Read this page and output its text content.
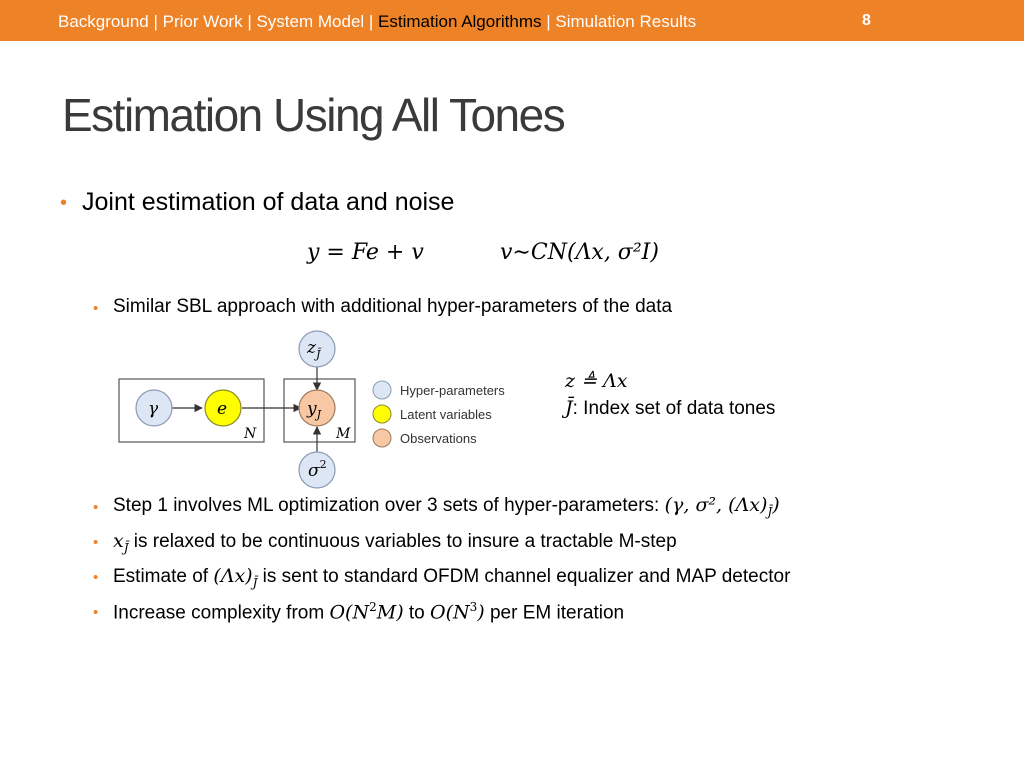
Background | Prior Work | System Model | Estimation Algorithms | Simulation Results	8
Estimation Using All Tones
• Joint estimation of data and noise
y = Fe + v	v∼CN(Λx, σ²I)
• Similar SBL approach with additional hyper-parameters of the data
N	M
γ	e	$y_J$
$z_{J̄}$
$\sigma^2$
Hyper-parameters
Latent variables
Observations
z ≜ Λx
J̄: Index set of data tones
• Step 1 involves ML optimization over 3 sets of hyper-parameters: (γ, σ², $(\Lambda x)_{J̄}$)
• $x_{J̄}$ is relaxed to be continuous variables to insure a tractable M-step
• Estimate of $(\Lambda x)_{J̄}$ is sent to standard OFDM channel equalizer and MAP detector
• Increase complexity from $O(N^2M)$ to $O(N^3)$ per EM iteration
